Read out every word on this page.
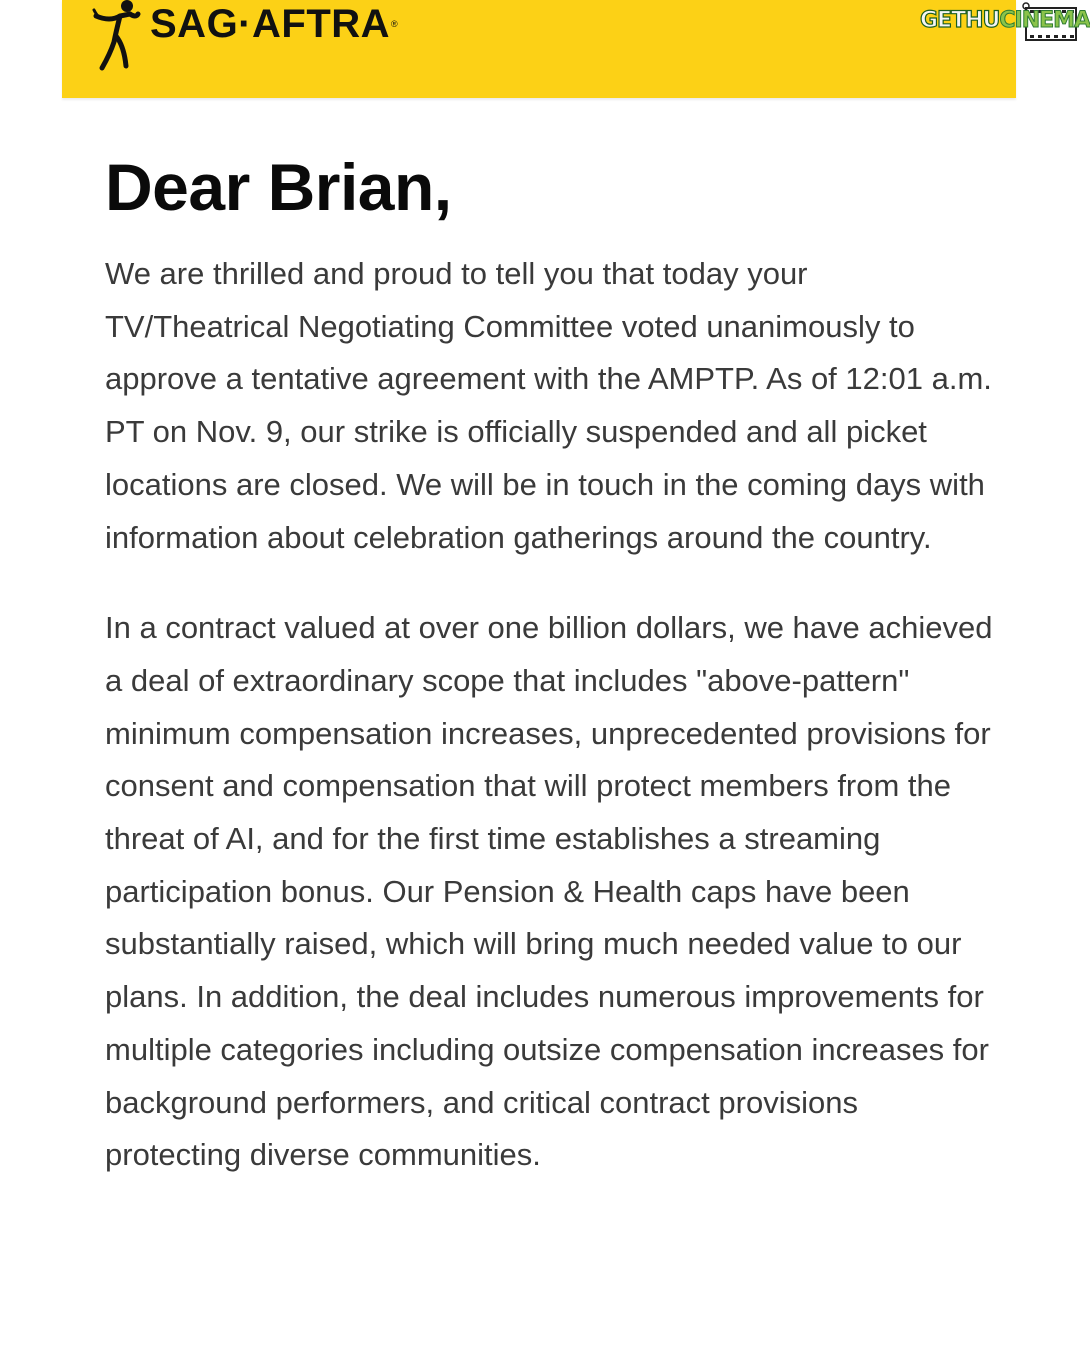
SAG·AFTRA®	GETHUCINEMA
Dear Brian,

We are thrilled and proud to tell you that today your TV/Theatrical Negotiating Committee voted unanimously to approve a tentative agreement with the AMPTP. As of 12:01 a.m. PT on Nov. 9, our strike is officially suspended and all picket locations are closed. We will be in touch in the coming days with information about celebration gatherings around the country.

In a contract valued at over one billion dollars, we have achieved a deal of extraordinary scope that includes "above-pattern" minimum compensation increases, unprecedented provisions for consent and compensation that will protect members from the threat of AI, and for the first time establishes a streaming participation bonus. Our Pension & Health caps have been substantially raised, which will bring much needed value to our plans. In addition, the deal includes numerous improvements for multiple categories including outsize compensation increases for background performers, and critical contract provisions protecting diverse communities.
